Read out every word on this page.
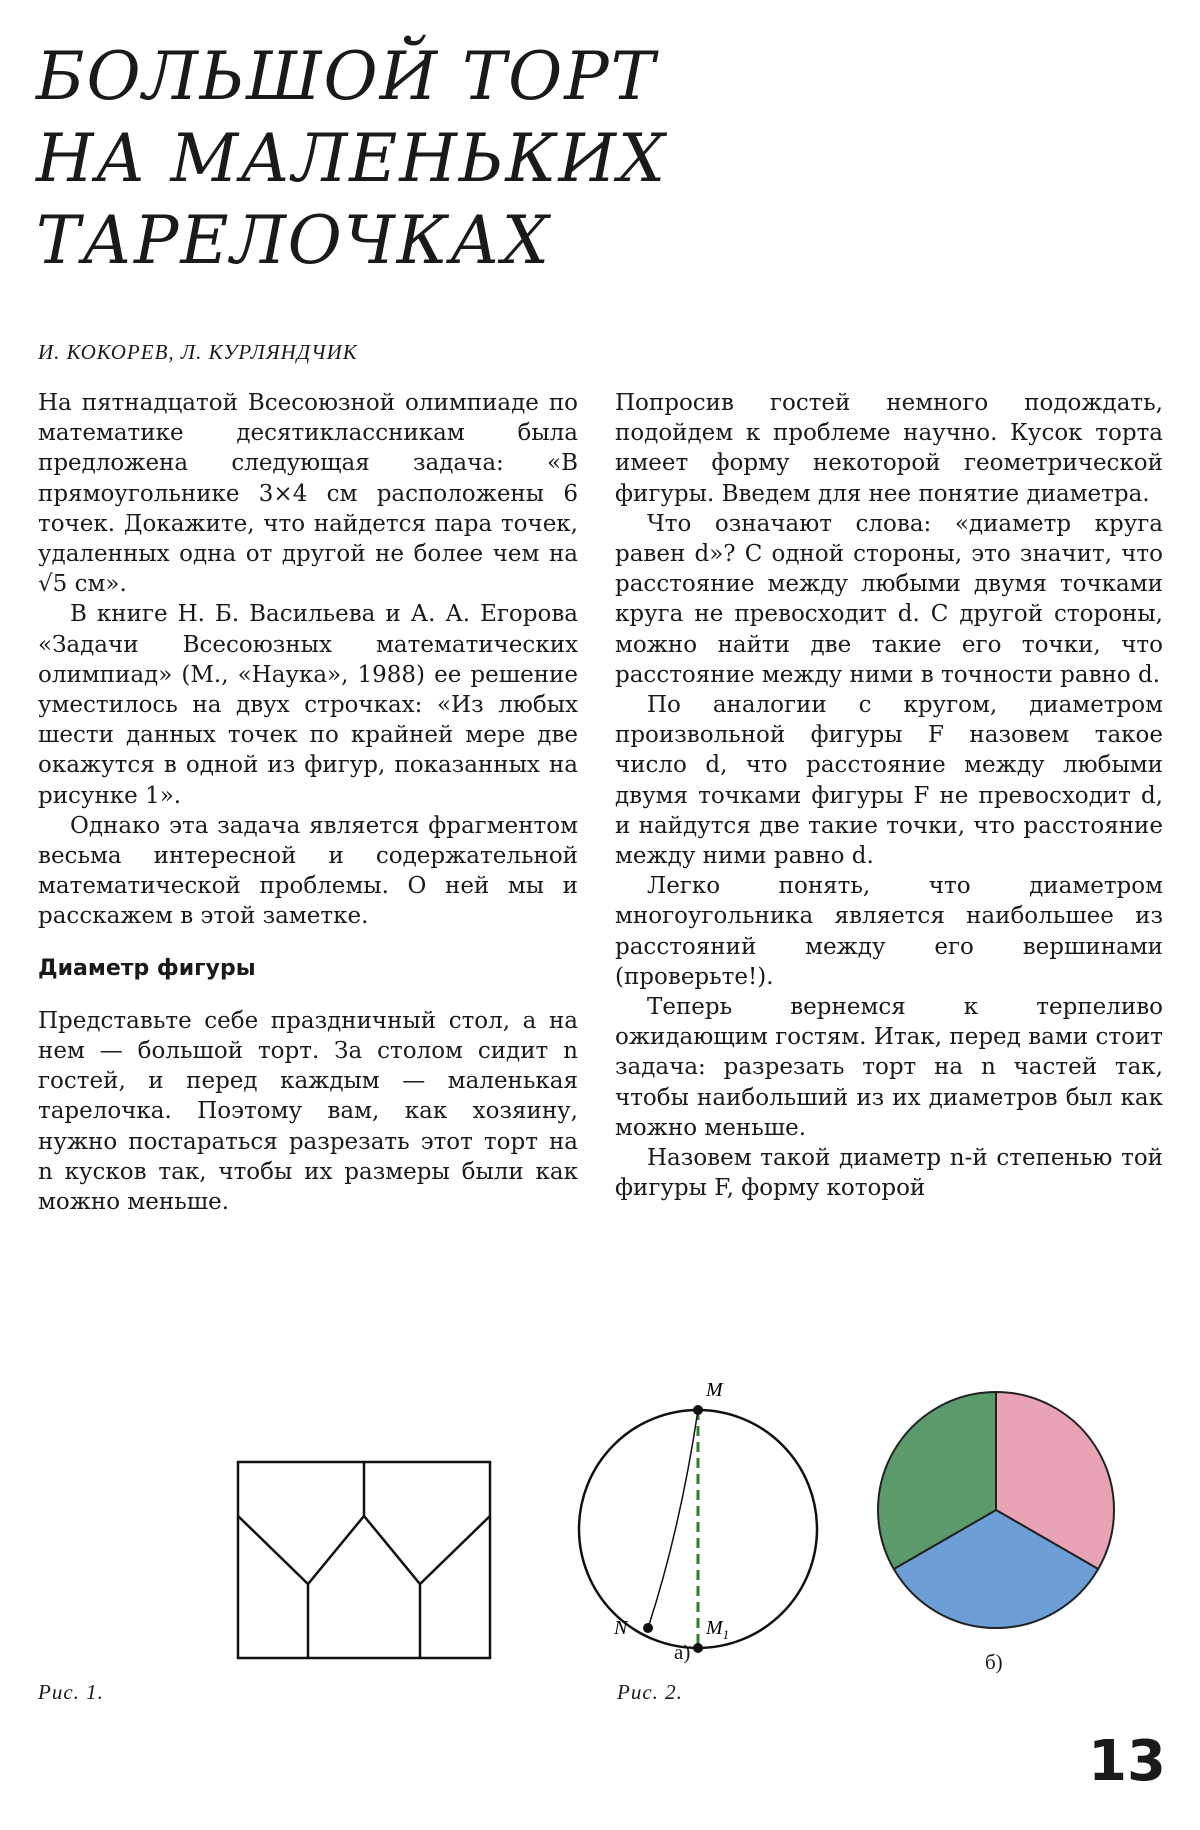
БОЛЬШОЙ ТОРТ
НА МАЛЕНЬКИХ
ТАРЕЛОЧКАХ
И. КОКОРЕВ, Л. КУРЛЯНДЧИК

На пятнадцатой Всесоюзной олимпиаде по математике десятиклассникам была предложена следующая задача: «В прямоугольнике 3×4 см расположены 6 точек. Докажите, что найдется пара точек, удаленных одна от другой не более чем на √5 см».

В книге Н. Б. Васильева и А. А. Егорова «Задачи Всесоюзных математических олимпиад» (М., «Наука», 1988) ее решение уместилось на двух строчках: «Из любых шести данных точек по крайней мере две окажутся в одной из фигур, показанных на рисунке 1».

Однако эта задача является фрагментом весьма интересной и содержательной математической проблемы. О ней мы и расскажем в этой заметке.

Диаметр фигуры

Представьте себе праздничный стол, а на нем — большой торт. За столом сидит n гостей, и перед каждым — маленькая тарелочка. Поэтому вам, как хозяину, нужно постараться разрезать этот торт на n кусков так, чтобы их размеры были как можно меньше.

Попросив гостей немного подождать, подойдем к проблеме научно. Кусок торта имеет форму некоторой геометрической фигуры. Введем для нее понятие диаметра.

Что означают слова: «диаметр круга равен d»? С одной стороны, это значит, что расстояние между любыми двумя точками круга не превосходит d. С другой стороны, можно найти две такие его точки, что расстояние между ними в точности равно d.

По аналогии с кругом, диаметром произвольной фигуры F назовем такое число d, что расстояние между любыми двумя точками фигуры F не превосходит d, и найдутся две такие точки, что расстояние между ними равно d.

Легко понять, что диаметром многоугольника является наибольшее из расстояний между его вершинами (проверьте!).

Теперь вернемся к терпеливо ожидающим гостям. Итак, перед вами стоит задача: разрезать торт на n частей так, чтобы наибольший из их диаметров был как можно меньше.

Назовем такой диаметр n-й степенью той фигуры F, форму которой

M
$M_1$
N
а)	б)
Рис. 1.	Рис. 2.
13
